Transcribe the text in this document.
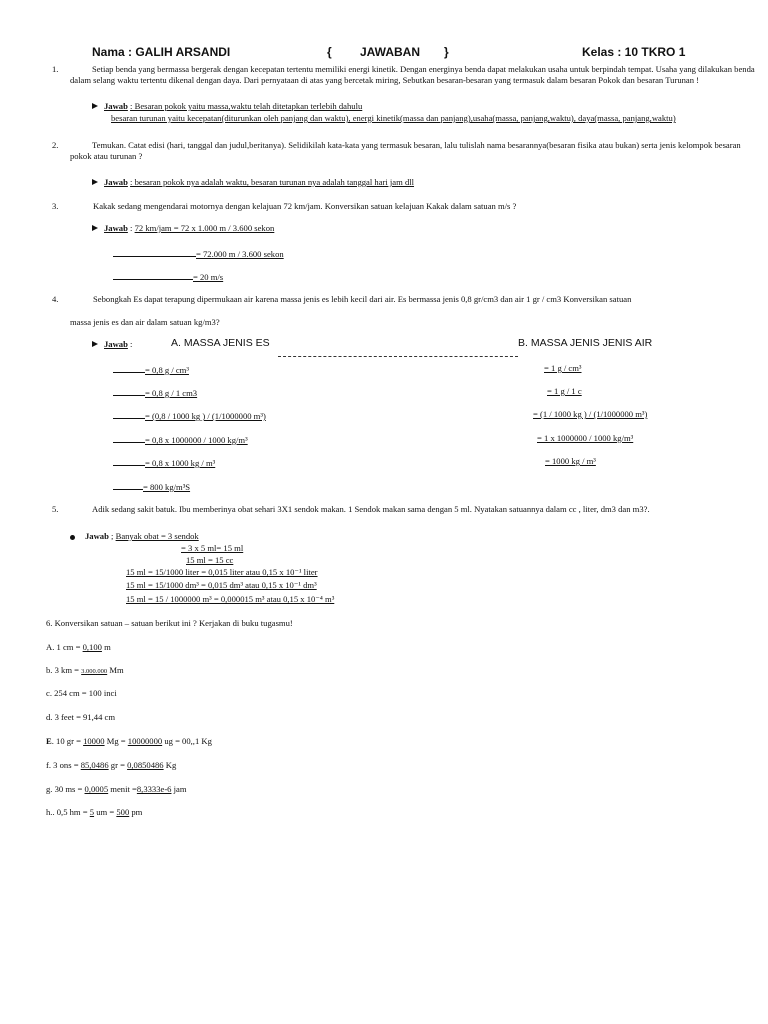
Nama : GALIH ARSANDI	{ JAWABAN }	Kelas : 10 TKRO 1
1.	Setiap benda yang bermassa bergerak dengan kecepatan tertentu memiliki energi kinetik. Dengan energinya benda dapat melakukan usaha untuk berpindah tempat. Usaha yang dilakukan benda dalam selang waktu tertentu dikenal dengan daya. Dari pernyataan di atas yang bercetak miring, Sebutkan besaran-besaran yang termasuk dalam besaran Pokok dan besaran Turunan !
Jawab : Besaran pokok yaitu massa,waktu telah ditetapkan terlebih dahulu
besaran turunan yaitu kecepatan(diturunkan oleh panjang dan waktu), energi kinetik(massa dan panjang),usaha(massa, panjang,waktu), daya(massa, panjang,waktu)
2.	Temukan. Catat edisi (hari, tanggal dan judul,beritanya). Selidikilah kata-kata yang termasuk besaran, lalu tulislah nama besarannya(besaran fisika atau bukan) serta jenis kelompok besaran pokok atau turunan ?
Jawab : besaran pokok nya adalah waktu, besaran turunan nya adalah tanggal hari jam dll
3.	Kakak sedang mengendarai motornya dengan kelajuan 72 km/jam. Konversikan satuan kelajuan Kakak dalam satuan m/s ?
Jawab : 72 km/jam = 72 x 1.000 m / 3.600 sekon
= 72.000 m / 3.600 sekon
= 20 m/s
4.	Sebongkah Es dapat terapung dipermukaan air karena massa jenis es lebih kecil dari air. Es bermassa jenis 0,8 gr/cm3 dan air 1 gr / cm3 Konversikan satuan
massa jenis es dan air dalam satuan kg/m3?
Jawab :	A. MASSA JENIS ES	B. MASSA JENIS JENIS AIR
= 0,8 g / cm³
= 0,8 g / 1 cm3
= (0,8 / 1000 kg ) / (1/1000000 m³)
= 0,8 x 1000000 / 1000 kg/m³
= 0,8 x 1000 kg / m³
= 800 kg/m³S
= 1 g / cm³
= 1 g / 1 c
= (1 / 1000 kg ) / (1/1000000 m³)
= 1 x 1000000 / 1000 kg/m³
= 1000 kg / m³
5.	Adik sedang sakit batuk. Ibu memberinya obat sehari 3X1 sendok makan. 1 Sendok makan sama dengan 5 ml. Nyatakan satuannya dalam cc , liter, dm3 dan m3?.
Jawab ; Banyak obat = 3 sendok
= 3 x 5 ml= 15 ml
15 ml = 15 cc
15 ml = 15/1000 liter = 0,015 liter atau 0,15 x 10⁻¹ liter
15 ml = 15/1000 dm³ = 0,015 dm³ atau 0,15 x 10⁻¹ dm³
15 ml = 15 / 1000000 m³ = 0,000015 m³ atau 0,15 x 10⁻⁴ m³
6. Konversikan satuan – satuan berikut ini ? Kerjakan di buku tugasmu!
A. 1 cm = 0,100 m
b. 3 km = 3.000.000 Mm
c. 254 cm = 100 inci
d. 3 feet = 91,44 cm
E. 10 gr = 10000 Mg = 10000000 ug = 00,,1 Kg
f. 3 ons = 85,0486 gr = 0,0850486 Kg
g. 30 ms = 0,0005 menit =8,3333e-6 jam
h.. 0,5 hm = 5 um = 500 pm
